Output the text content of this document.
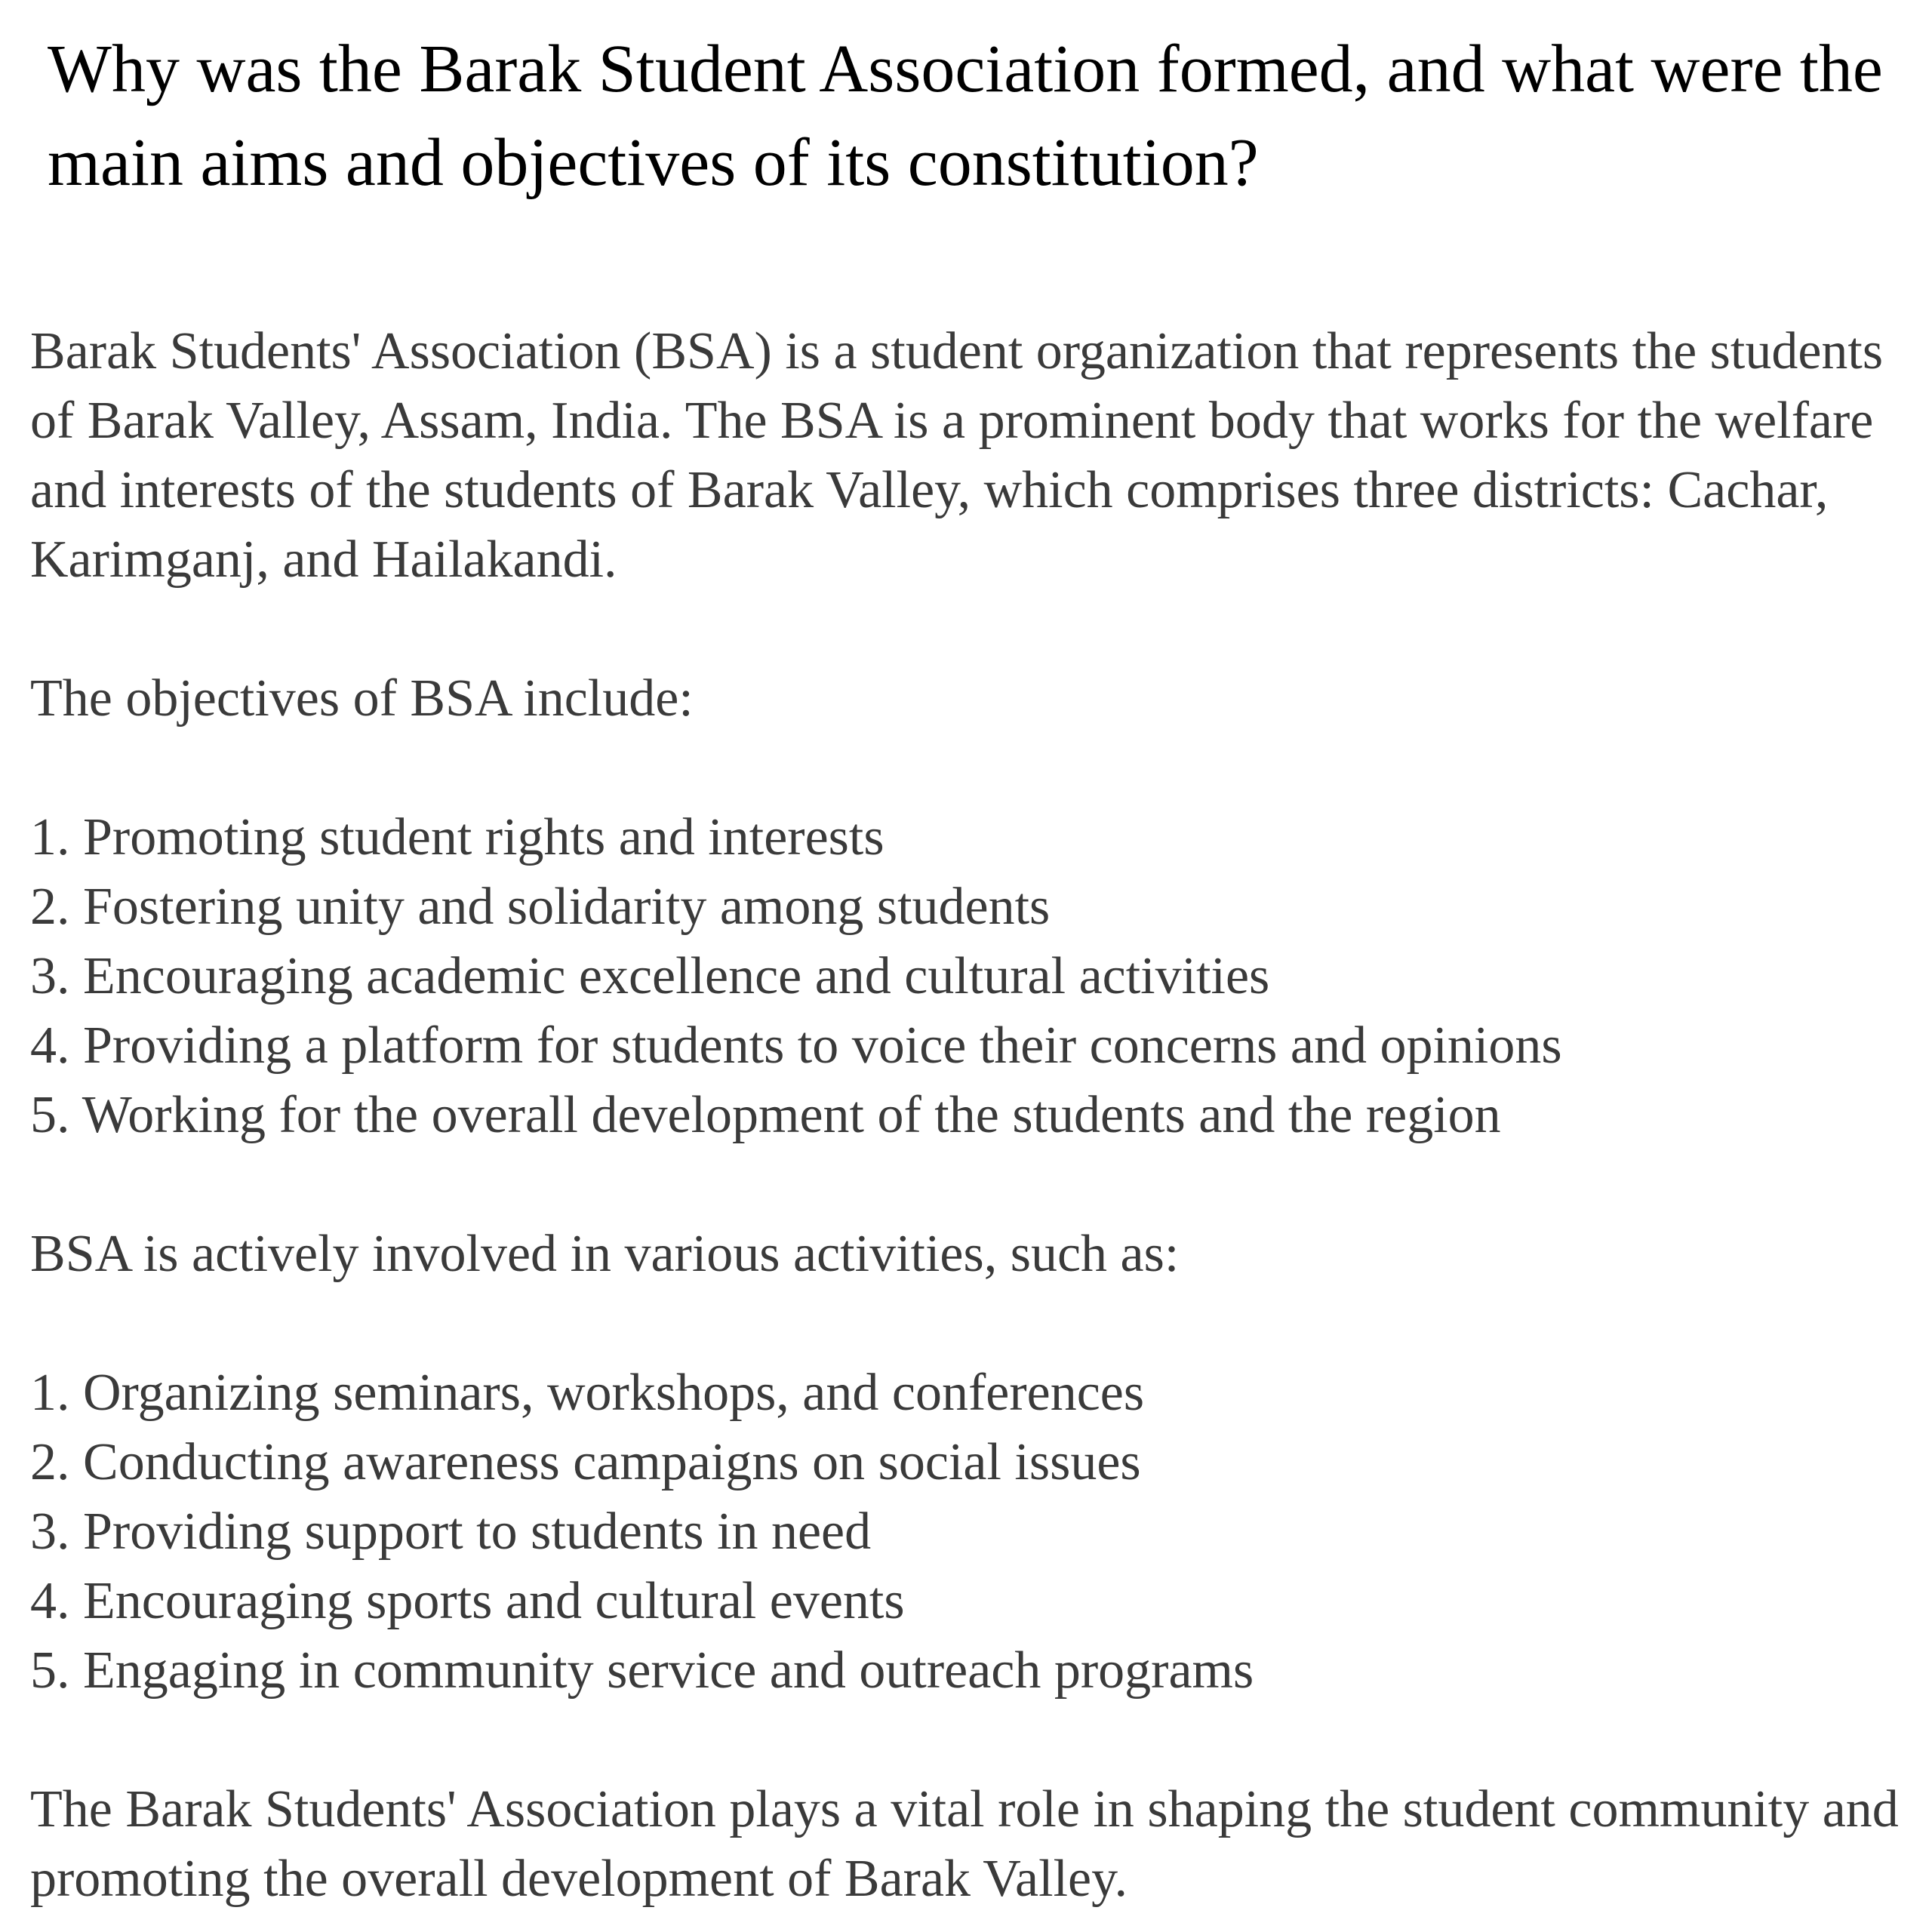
Why was the Barak Student Association formed, and what were the main aims and objectives of its constitution?

Barak Students' Association (BSA) is a student organization that represents the students of Barak Valley, Assam, India. The BSA is a prominent body that works for the welfare and interests of the students of Barak Valley, which comprises three districts: Cachar, Karimganj, and Hailakandi.

The objectives of BSA include:

1. Promoting student rights and interests
2. Fostering unity and solidarity among students
3. Encouraging academic excellence and cultural activities
4. Providing a platform for students to voice their concerns and opinions
5. Working for the overall development of the students and the region

BSA is actively involved in various activities, such as:

1. Organizing seminars, workshops, and conferences
2. Conducting awareness campaigns on social issues
3. Providing support to students in need
4. Encouraging sports and cultural events
5. Engaging in community service and outreach programs

The Barak Students' Association plays a vital role in shaping the student community and promoting the overall development of Barak Valley.
